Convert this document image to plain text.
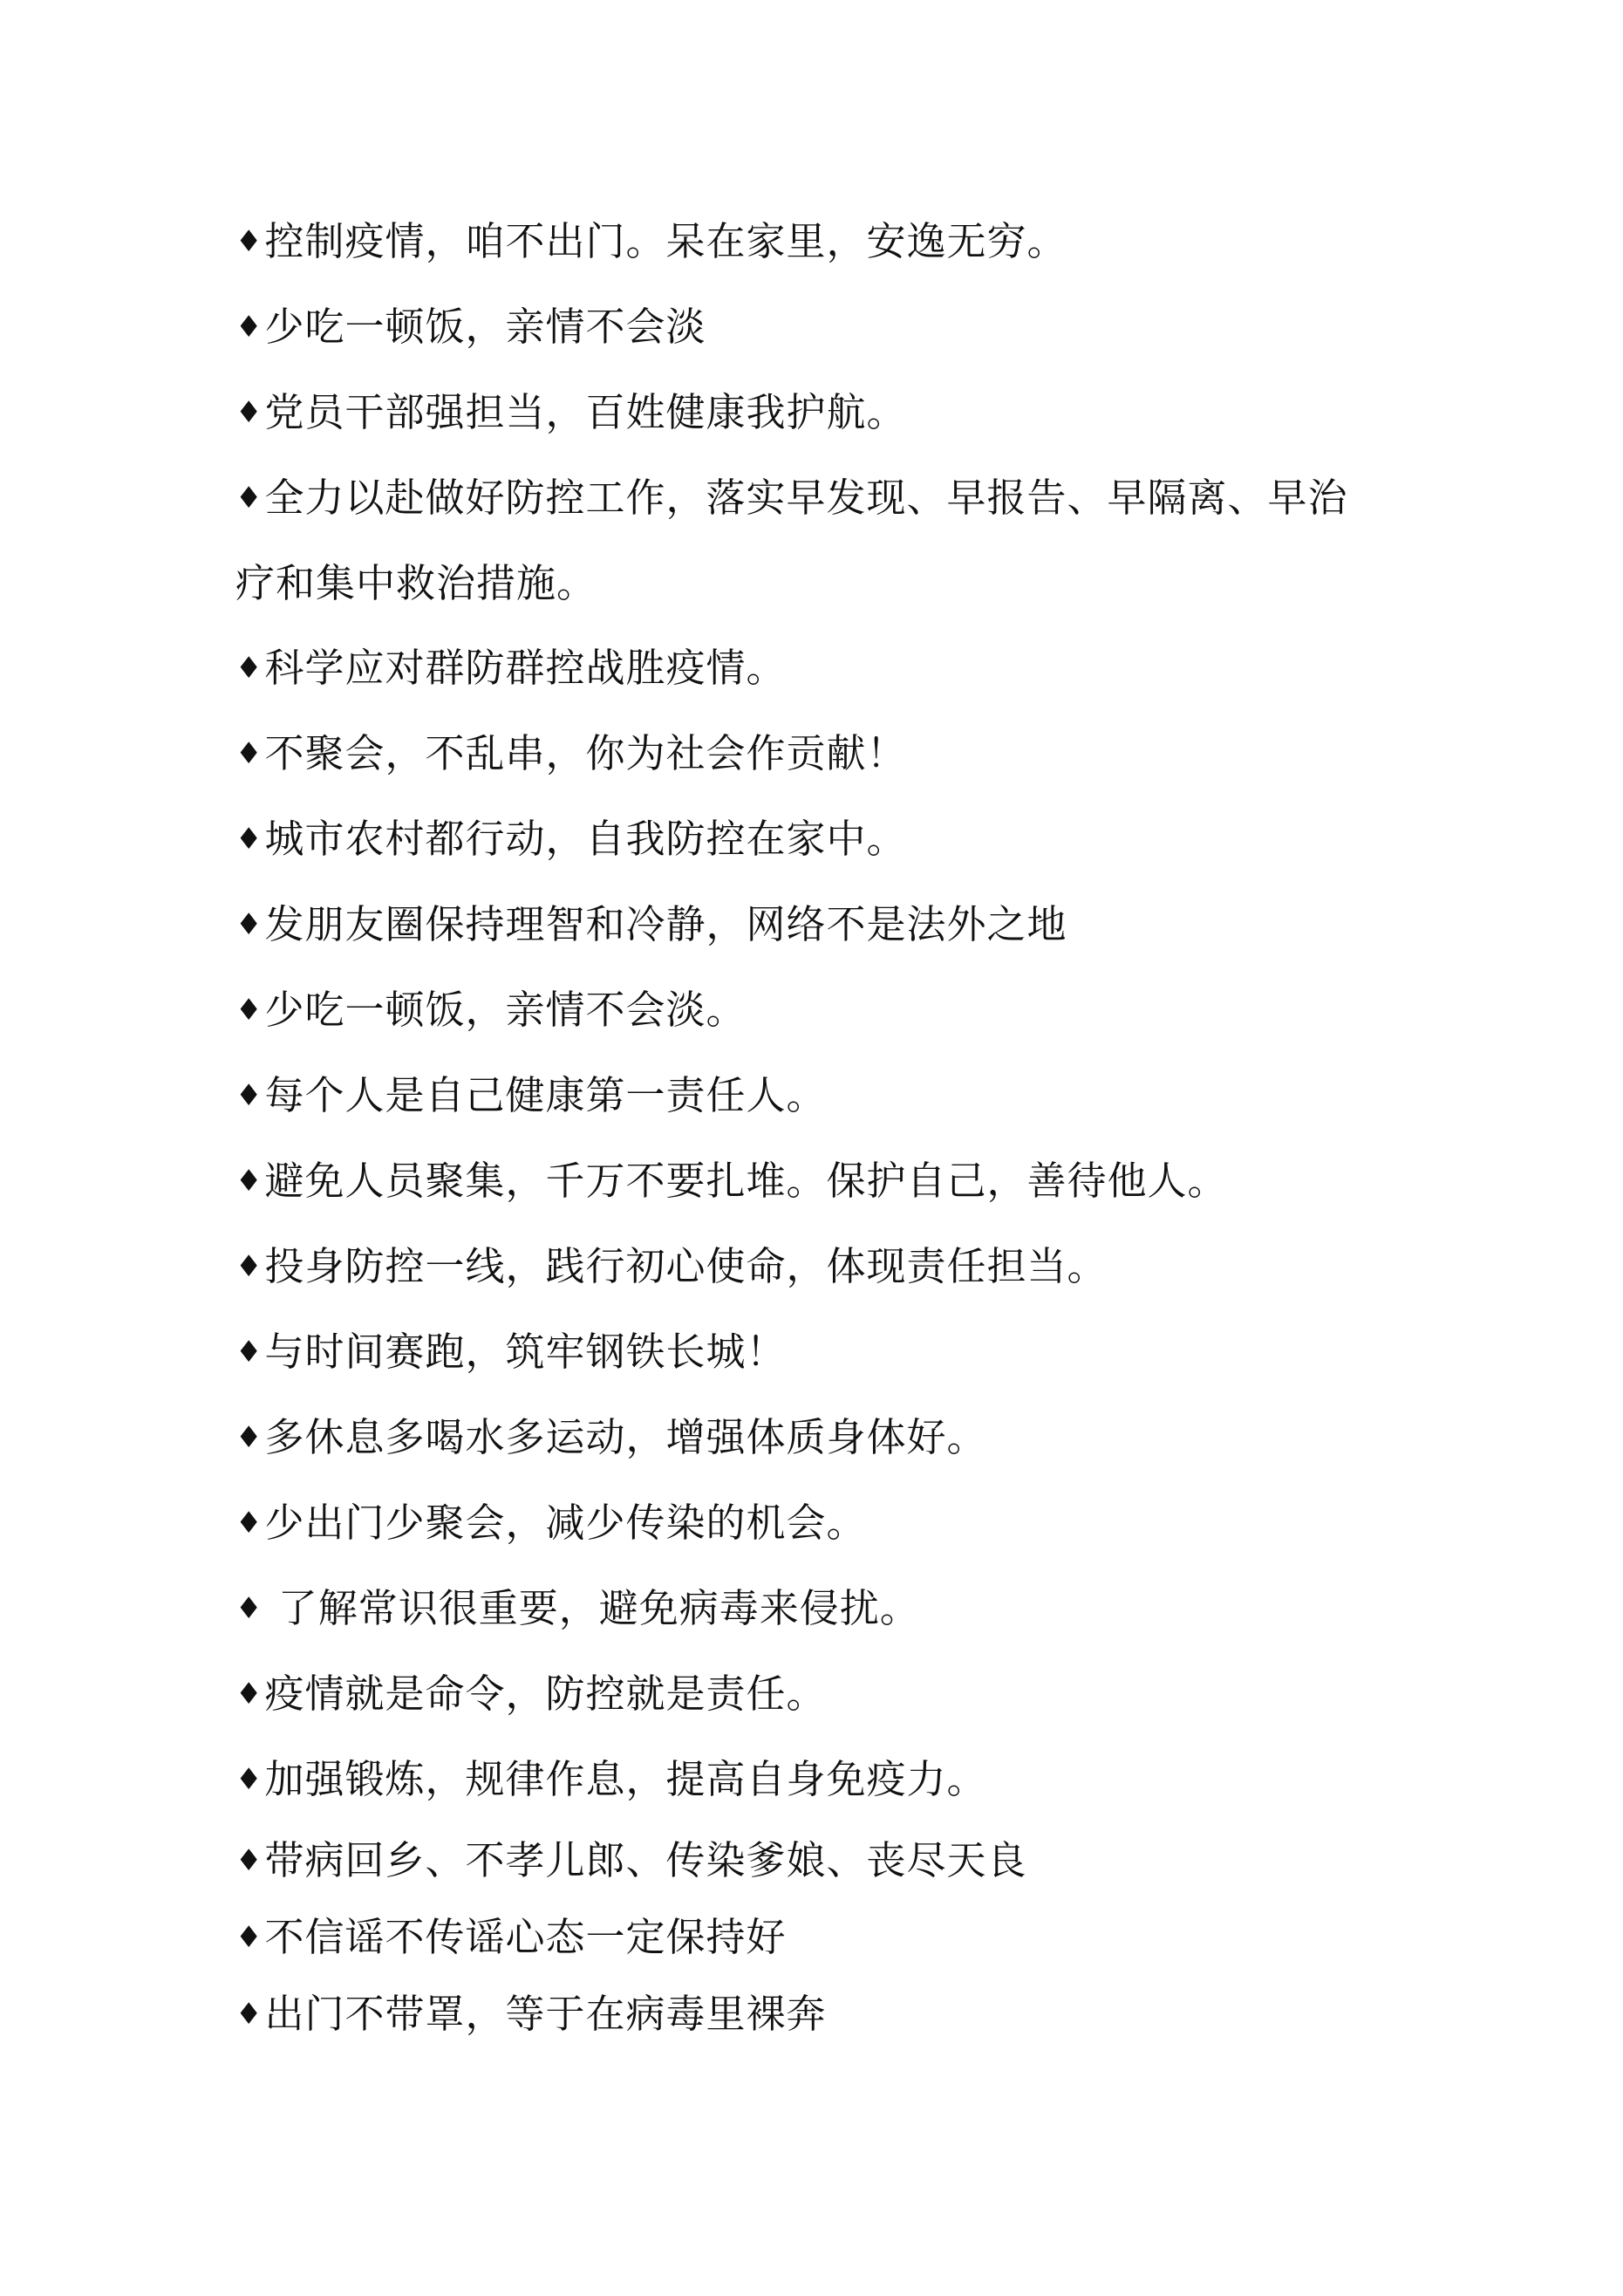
♦控制疫情，咱不出门。呆在家里，安逸无穷。
♦少吃一顿饭，亲情不会淡
♦党员干部强担当，百姓健康我护航。
♦全力以赴做好防控工作，落实早发现、早报告、早隔离、早治
疗和集中救治措施。
♦科学应对群防群控战胜疫情。
♦不聚会，不乱串，你为社会作贡献！
♦城市农村都行动，自我防控在家中。
♦发朋友圈保持理智和冷静，网络不是法外之地
♦少吃一顿饭，亲情不会淡。
♦每个人是自己健康第一责任人。
♦避免人员聚集，千万不要扎堆。保护自己，善待他人。
♦投身防控一线，践行初心使命，体现责任担当。
♦与时间赛跑，筑牢钢铁长城！
♦多休息多喝水多运动，增强体质身体好。
♦少出门少聚会，减少传染的机会。
♦ 了解常识很重要，避免病毒来侵扰。
♦疫情就是命令，防控就是责任。
♦加强锻炼，规律作息，提高自身免疫力。
♦带病回乡、不孝儿郎、传染爹娘、丧尽天良
♦不信谣不传谣心态一定保持好
♦出门不带罩，等于在病毒里裸奔
